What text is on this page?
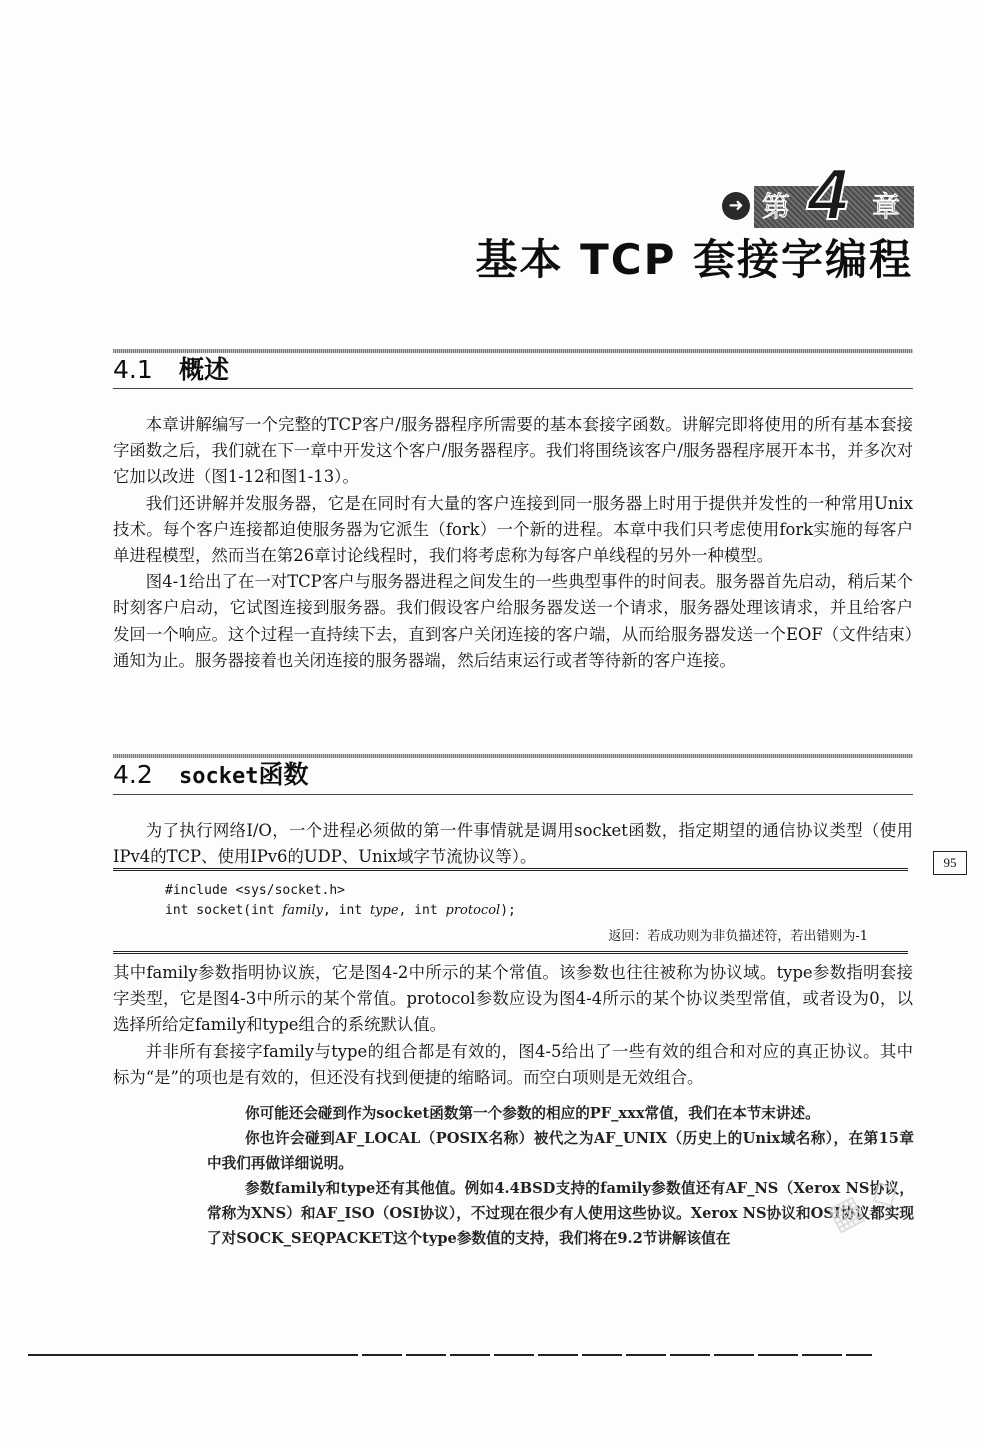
➜ 第 4 章
基本 TCP 套接字编程
4.1 概述

本章讲解编写一个完整的TCP客户/服务器程序所需要的基本套接字函数。讲解完即将使用的所有基本套接字函数之后，我们就在下一章中开发这个客户/服务器程序。我们将围绕该客户/服务器程序展开本书，并多次对它加以改进（图1-12和图1-13）。

我们还讲解并发服务器，它是在同时有大量的客户连接到同一服务器上时用于提供并发性的一种常用Unix技术。每个客户连接都迫使服务器为它派生（fork）一个新的进程。本章中我们只考虑使用fork实施的每客户单进程模型，然而当在第26章讨论线程时，我们将考虑称为每客户单线程的另外一种模型。

图4-1给出了在一对TCP客户与服务器进程之间发生的一些典型事件的时间表。服务器首先启动，稍后某个时刻客户启动，它试图连接到服务器。我们假设客户给服务器发送一个请求，服务器处理该请求，并且给客户发回一个响应。这个过程一直持续下去，直到客户关闭连接的客户端，从而给服务器发送一个EOF（文件结束）通知为止。服务器接着也关闭连接的服务器端，然后结束运行或者等待新的客户连接。

4.2 socket函数

为了执行网络I/O，一个进程必须做的第一件事情就是调用socket函数，指定期望的通信协议类型（使用IPv4的TCP、使用IPv6的UDP、Unix域字节流协议等）。	95
#include <sys/socket.h>
int socket(int family, int type, int protocol);
返回：若成功则为非负描述符，若出错则为-1

其中family参数指明协议族，它是图4-2中所示的某个常值。该参数也往往被称为协议域。type参数指明套接字类型，它是图4-3中所示的某个常值。protocol参数应设为图4-4所示的某个协议类型常值，或者设为0，以选择所给定family和type组合的系统默认值。

并非所有套接字family与type的组合都是有效的，图4-5给出了一些有效的组合和对应的真正协议。其中标为“是”的项也是有效的，但还没有找到便捷的缩略词。而空白项则是无效组合。

你可能还会碰到作为socket函数第一个参数的相应的PF_xxx常值，我们在本节末讲述。

你也许会碰到AF_LOCAL（POSIX名称）被代之为AF_UNIX（历史上的Unix域名称），在第15章中我们再做详细说明。

参数family和type还有其他值。例如4.4BSD支持的family参数值还有AF_NS（Xerox NS协议，常称为XNS）和AF_ISO（OSI协议），不过现在很少有人使用这些协议。Xerox NS协议和OSI协议都实现了对SOCK_SEQPACKET这个type参数值的支持，我们将在9.2节讲解该值在	▦ ◇
